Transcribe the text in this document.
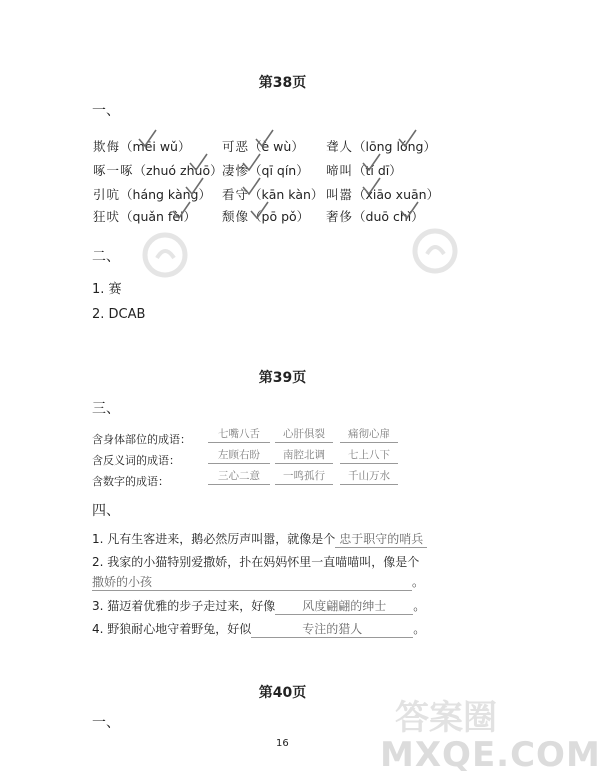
MXQE.COM
答案圈
第38页
一、
欺侮（mēi wǔ）	可恶（è wù） 聋人（lōng lóng）
啄一啄（zhuó zhuō） 凄惨（qī qín） 啼叫（tí dī）
引吭（háng kàng） 看守（kān kàn） 叫嚣（xiāo xuān）
狂吠（quǎn fèi） 颓像（pō pǒ） 奢侈（duō chǐ）
二、
1. 赛
2. DCAB
第39页
三、
含身体部位的成语：	七嘴八舌	心肝俱裂	痛彻心扉
含反义词的成语：	左顾右盼	南腔北调	七上八下
含数字的成语：	三心二意	一鸣孤行	千山万水
四、
1. 凡有生客进来，鹅必然厉声叫嚣，就像是个 忠于职守的哨兵
2. 我家的小猫特别爱撒娇，扑在妈妈怀里一直喵喵叫，像是个
撒娇的小孩	。
3. 猫迈着优雅的步子走过来，好像 风度翩翩的绅士 。
4. 野狼耐心地守着野兔，好似	专注的猎人	。
第40页
一、
16
